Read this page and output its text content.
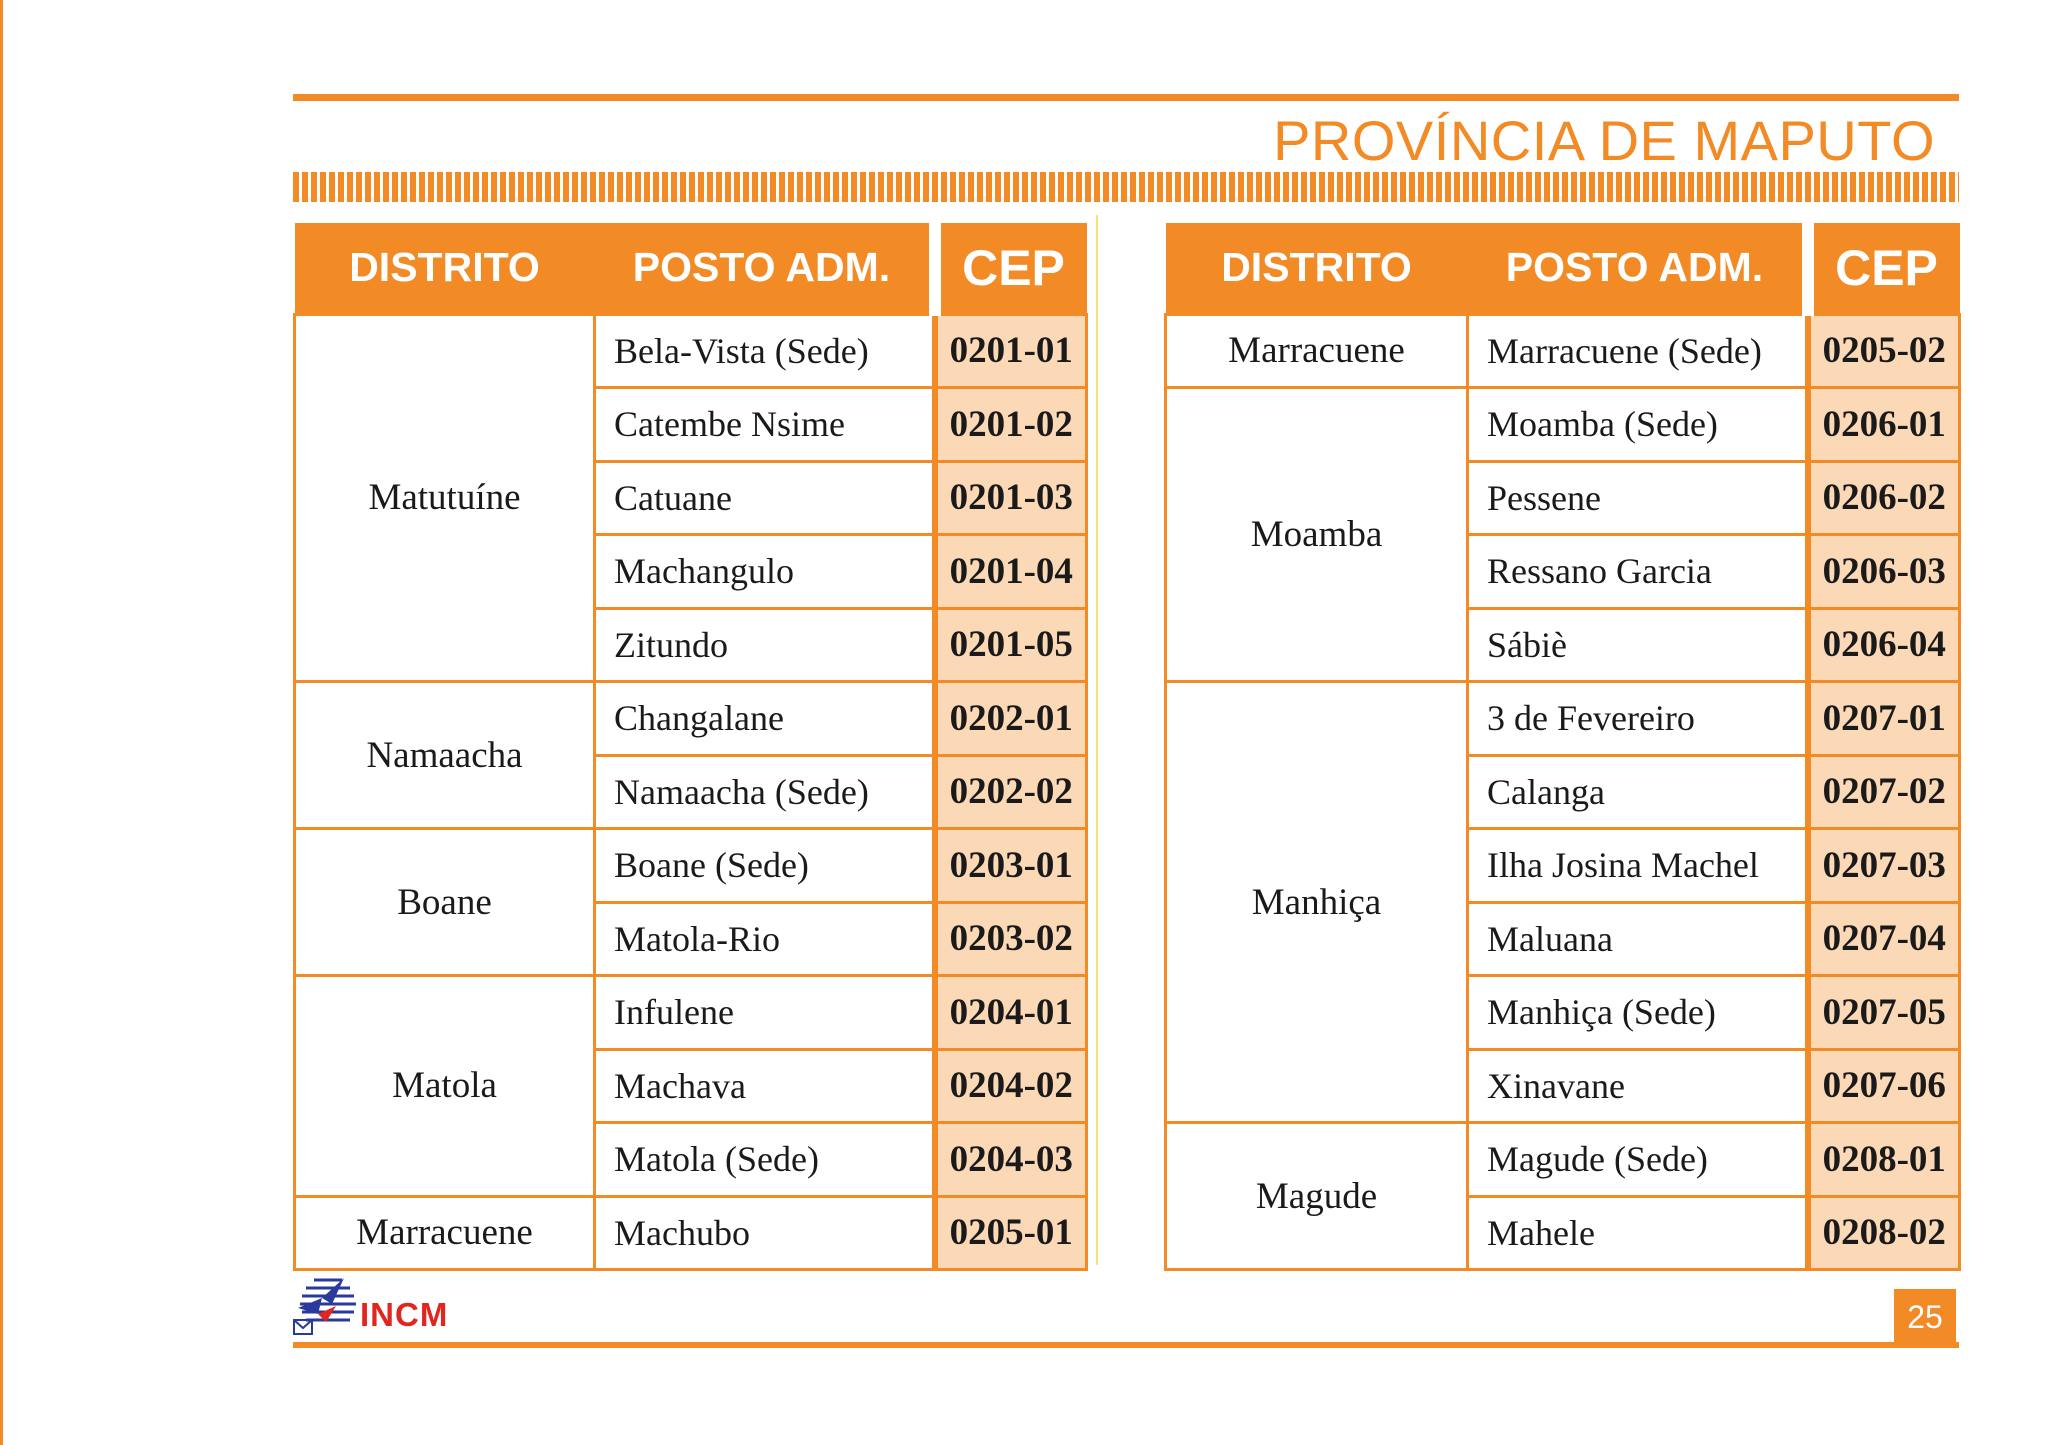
PROVÍNCIA DE MAPUTO
DISTRITO	POSTO ADM.	CEP
Matutuíne	Bela-Vista (Sede)	0201-01
	Catembe Nsime	0201-02
	Catuane	0201-03
	Machangulo	0201-04
	Zitundo	0201-05
Namaacha	Changalane	0202-01
	Namaacha (Sede)	0202-02
Boane	Boane (Sede)	0203-01
	Matola-Rio	0203-02
Matola	Infulene	0204-01
	Machava	0204-02
	Matola (Sede)	0204-03
Marracuene	Machubo	0205-01
DISTRITO	POSTO ADM.	CEP
Marracuene	Marracuene (Sede)	0205-02
Moamba	Moamba (Sede)	0206-01
	Pessene	0206-02
	Ressano Garcia	0206-03
	Sábiè	0206-04
Manhiça	3 de Fevereiro	0207-01
	Calanga	0207-02
	Ilha Josina Machel	0207-03
	Maluana	0207-04
	Manhiça (Sede)	0207-05
	Xinavane	0207-06
Magude	Magude (Sede)	0208-01
	Mahele	0208-02
INCM	25
